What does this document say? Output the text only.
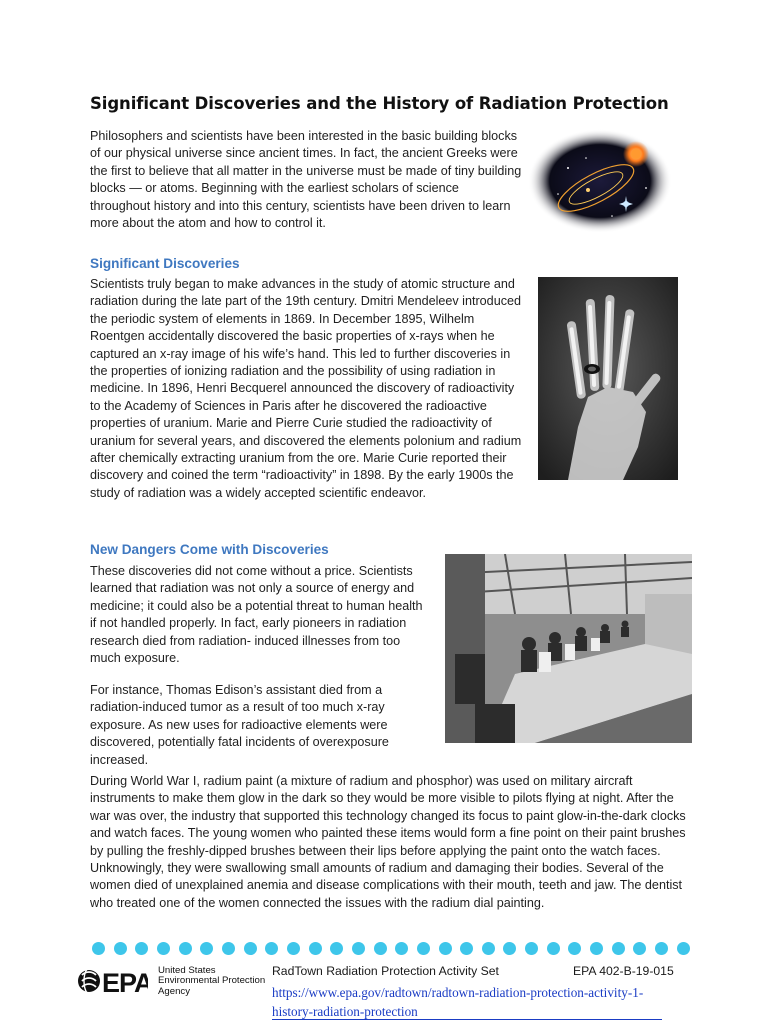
Significant Discoveries and the History of Radiation Protection

Philosophers and scientists have been interested in the basic building blocks of our physical universe since ancient times. In fact, the ancient Greeks were the first to believe that all matter in the universe must be made of tiny building blocks — or atoms. Beginning with the earliest scholars of science throughout history and into this century, scientists have been driven to learn more about the atom and how to control it.

Significant Discoveries

Scientists truly began to make advances in the study of atomic structure and radiation during the late part of the 19th century. Dmitri Mendeleev introduced the periodic system of elements in 1869. In December 1895, Wilhelm Roentgen accidentally discovered the basic properties of x-rays when he captured an x-ray image of his wife’s hand. This led to further discoveries in the properties of ionizing radiation and the possibility of using radiation in medicine. In 1896, Henri Becquerel announced the discovery of radioactivity to the Academy of Sciences in Paris after he discovered the radioactive properties of uranium. Marie and Pierre Curie studied the radioactivity of uranium for several years, and discovered the elements polonium and radium after chemically extracting uranium from the ore. Marie Curie reported their discovery and coined the term “radioactivity” in 1898. By the early 1900s the study of radiation was a widely accepted scientific endeavor.

New Dangers Come with Discoveries

These discoveries did not come without a price. Scientists learned that radiation was not only a source of energy and medicine; it could also be a potential threat to human health if not handled properly. In fact, early pioneers in radiation research died from radiation- induced illnesses from too much exposure.

For instance, Thomas Edison’s assistant died from a radiation-induced tumor as a result of too much x-ray exposure. As new uses for radioactive elements were discovered, potentially fatal incidents of overexposure increased.

During World War I, radium paint (a mixture of radium and phosphor) was used on military aircraft instruments to make them glow in the dark so they would be more visible to pilots flying at night. After the war was over, the industry that supported this technology changed its focus to paint glow-in-the-dark clocks and watch faces. The young women who painted these items would form a fine point on their paint brushes by pulling the freshly-dipped brushes between their lips before applying the paint onto the watch faces. Unknowingly, they were swallowing small amounts of radium and damaging their bodies. Several of the women died of unexplained anemia and disease complications with their mouth, teeth and jaw. The dentist who treated one of the women connected the issues with the radium dial painting.

EPA United States
Environmental Protection
Agency

RadTown Radiation Protection Activity Set	EPA 402-B-19-015

https://www.epa.gov/radtown/radtown-radiation-protection-activity-1-history-radiation-protection
